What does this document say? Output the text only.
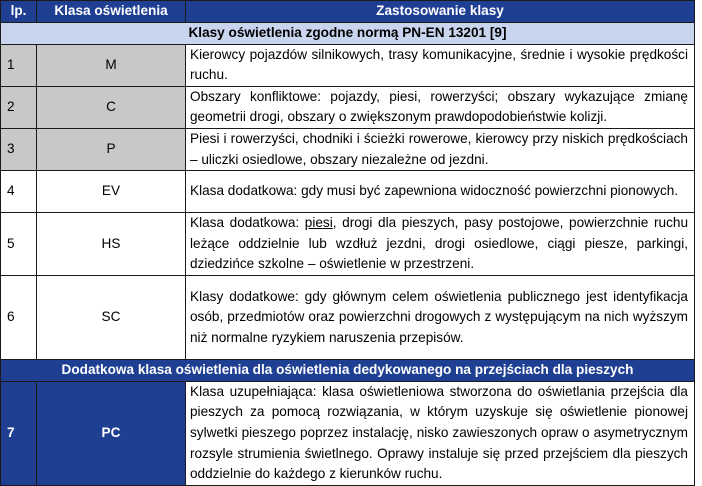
lp.	Klasa oświetlenia	Zastosowanie klasy
Klasy oświetlenia zgodne normą PN-EN 13201 [9]		
1	M	Kierowcy pojazdów silnikowych, trasy komunikacyjne, średnie i wysokie prędkości ruchu.
2	C	Obszary konfliktowe: pojazdy, piesi, rowerzyści; obszary wykazujące zmianę geometrii drogi, obszary o zwiększonym prawdopodobieństwie kolizji.
3	P	Piesi i rowerzyści, chodniki i ścieżki rowerowe, kierowcy przy niskich prędkościach – uliczki osiedlowe, obszary niezależne od jezdni.
4	EV	Klasa dodatkowa: gdy musi być zapewniona widoczność powierzchni pionowych.
5	HS	Klasa dodatkowa: piesi, drogi dla pieszych, pasy postojowe, powierzchnie ruchu leżące oddzielnie lub wzdłuż jezdni, drogi osiedlowe, ciągi piesze, parkingi, dziedzińce szkolne – oświetlenie w przestrzeni.
6	SC	Klasy dodatkowe: gdy głównym celem oświetlenia publicznego jest identyfikacja osób, przedmiotów oraz powierzchni drogowych z występującym na nich wyższym niż normalne ryzykiem naruszenia przepisów.
Dodatkowa klasa oświetlenia dla oświetlenia dedykowanego na przejściach dla pieszych		
7	PC	Klasa uzupełniająca: klasa oświetleniowa stworzona do oświetlania przejścia dla pieszych za pomocą rozwiązania, w którym uzyskuje się oświetlenie pionowej sylwetki pieszego poprzez instalację, nisko zawieszonych opraw o asymetrycznym rozsyle strumienia świetlnego. Oprawy instaluje się przed przejściem dla pieszych oddzielnie do każdego z kierunków ruchu.
